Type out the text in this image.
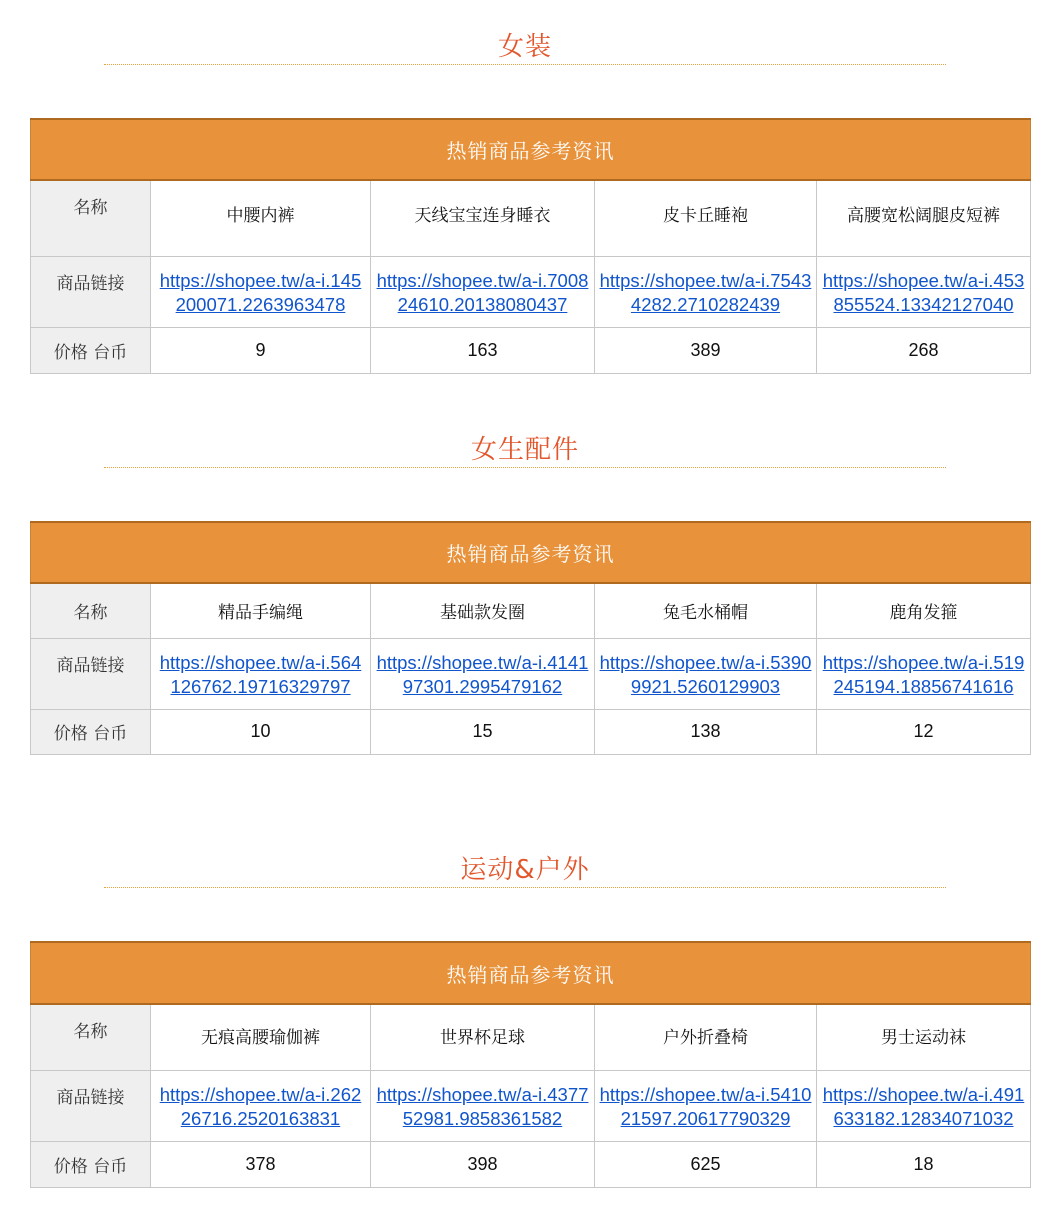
女装
热销商品参考资讯				
名称	中腰内裤	天线宝宝连身睡衣	皮卡丘睡袍	高腰宽松阔腿皮短裤
商品链接	https://shopee.tw/a-i.145200071.2263963478	https://shopee.tw/a-i.700824610.20138080437	https://shopee.tw/a-i.75434282.2710282439	https://shopee.tw/a-i.453855524.13342127040

价格 台币	9	163	389	268
女生配件
热销商品参考资讯				
名称	精品手编绳	基础款发圈	兔毛水桶帽	鹿角发箍
商品链接	https://shopee.tw/a-i.564126762.19716329797	https://shopee.tw/a-i.414197301.2995479162	https://shopee.tw/a-i.53909921.5260129903	https://shopee.tw/a-i.519245194.18856741616

价格 台币	10	15	138	12
运动&户外
热销商品参考资讯				
名称	无痕高腰瑜伽裤	世界杯足球	户外折叠椅	男士运动袜
商品链接	https://shopee.tw/a-i.26226716.2520163831	https://shopee.tw/a-i.437752981.9858361582	https://shopee.tw/a-i.541021597.20617790329	https://shopee.tw/a-i.491633182.12834071032

价格 台币	378	398	625	18
